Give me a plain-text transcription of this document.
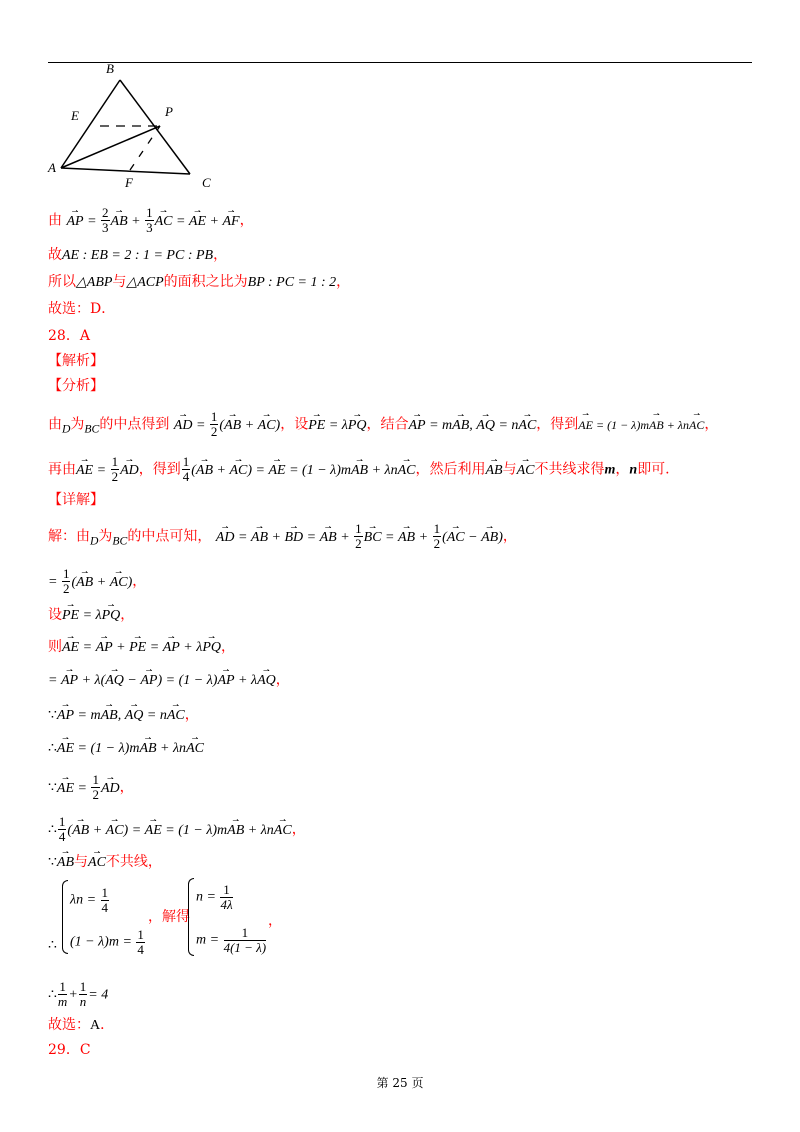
B
E	P
A
F	C
由 ⇀ AP = $\frac{2}{3}$ ⇀ AB + $\frac{1}{3}$ ⇀ AC = ⇀ AE + ⇀ AF，
故AE : EB = 2 : 1 = PC : PB，
所以△ABP与△ACP的面积之比为BP : PC = 1 : 2，
故选：D．
28．A
【解析】
【分析】
由$_D$为$_{BC}$的中点得到 ⇀ AD = $\frac{1}{2}$ (⇀ AB + ⇀ AC)，设⇀ PE = λ⇀ PQ，结合⇀ AP = m⇀ AB, ⇀ AQ = n⇀ AC，得到⇀ AE = (1 − λ)m⇀ AB + λn⇀ AC，
再由⇀ AE = $\frac{1}{2}$ ⇀ AD，得到 $\frac{1}{4}$ (⇀ AB + ⇀ AC) = ⇀ AE = (1 − λ)m⇀ AB + λn⇀ AC，然后利用⇀ AB与⇀ AC不共线求得m，n即可.
【详解】
解：由$_D$为$_{BC}$的中点可知， ⇀ AD = ⇀ AB + ⇀ BD = ⇀ AB + $\frac{1}{2}$ ⇀ BC = ⇀ AB + $\frac{1}{2}$ (⇀ AC − ⇀ AB)，
= $\frac{1}{2}$ (⇀ AB + ⇀ AC)，
设⇀ PE = λ⇀ PQ，
则⇀ AE = ⇀ AP + ⇀ PE = ⇀ AP + λ⇀ PQ，
= ⇀ AP + λ(⇀ AQ − ⇀ AP) = (1 − λ)⇀ AP + λ⇀ AQ，
∵⇀ AP = m⇀ AB, ⇀ AQ = n⇀ AC，
∴⇀ AE = (1 − λ)m⇀ AB + λn⇀ AC
∵⇀ AE = $\frac{1}{2}$ ⇀ AD，
∴ $\frac{1}{4}$ (⇀ AB + ⇀ AC) = ⇀ AE = (1 − λ)m⇀ AB + λn⇀ AC，
∵⇀ AB与⇀ AC不共线，
∴
$\lambda n = \frac{1}{4}$
$(1 - \lambda)m = \frac{1}{4}$
，解得
$n = \frac{1}{4\lambda}$
$m = \frac{1}{4(1 - \lambda)}$
，
∴ $\frac{1}{m} + \frac{1}{n} = 4$
故选：A．
29．C
第 25 页
